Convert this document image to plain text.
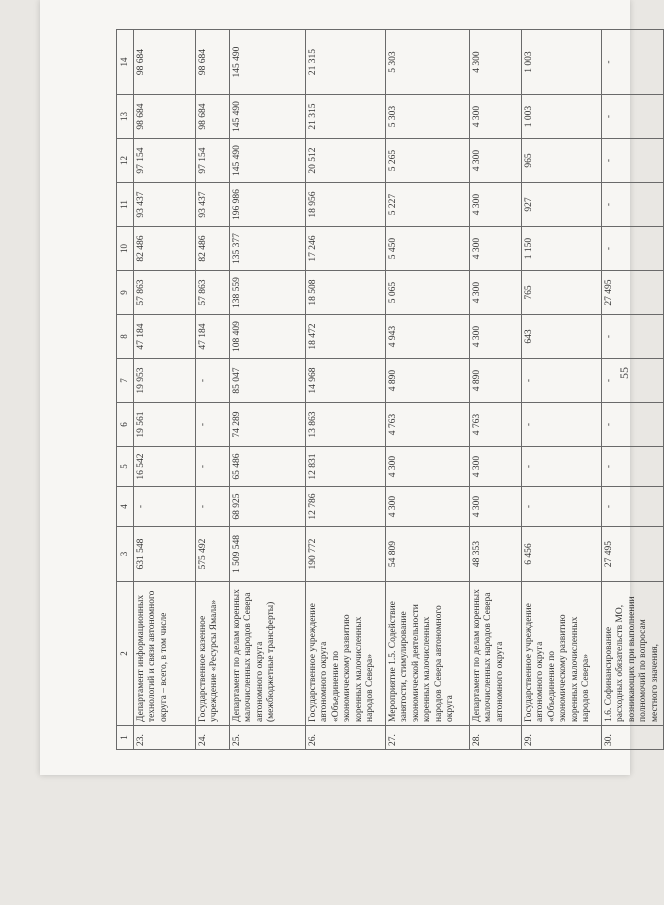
55
1	2	3	4	5	6	7	8	9	10	11	12	13	14
23.	Департамент информационных технологий и связи автономного округа – всего, в том числе	631 548	-	16 542	19 561	19 953	47 184	57 863	82 486	93 437	97 154	98 684	98 684
24.	Государственное казенное учреждение «Ресурсы Ямала»	575 492	-	-	-	-	47 184	57 863	82 486	93 437	97 154	98 684	98 684
25.	Департамент по делам коренных малочисленных народов Севера автономного округа (межбюджетные трансферты)	1 509 548	68 925	65 486	74 289	85 047	108 409	138 559	135 377	196 986	145 490	145 490	145 490
26.	Государственное учреждение автономного округа «Объединение по экономическому развитию коренных малочисленных народов Севера»	190 772	12 786	12 831	13 863	14 968	18 472	18 508	17 246	18 956	20 512	21 315	21 315
27.	Мероприятие 1.5. Содействие занятости, стимулирование экономической деятельности коренных малочисленных народов Севера автономного округа	54 809	4 300	4 300	4 763	4 890	4 943	5 065	5 450	5 227	5 265	5 303	5 303
28.	Департамент по делам коренных малочисленных народов Севера автономного округа	48 353	4 300	4 300	4 763	4 890	4 300	4 300	4 300	4 300	4 300	4 300	4 300
29.	Государственное учреждение автономного округа «Объединение по экономическому развитию коренных малочисленных народов Севера»	6 456	-	-	-	-	643	765	1 150	927	965	1 003	1 003
30.	1.6. Софинансирование расходных обязательств МО, возникающих при выполнении полномочий по вопросам местного значения,	27 495	-	-	-	-	-	27 495	-	-	-	-	-
